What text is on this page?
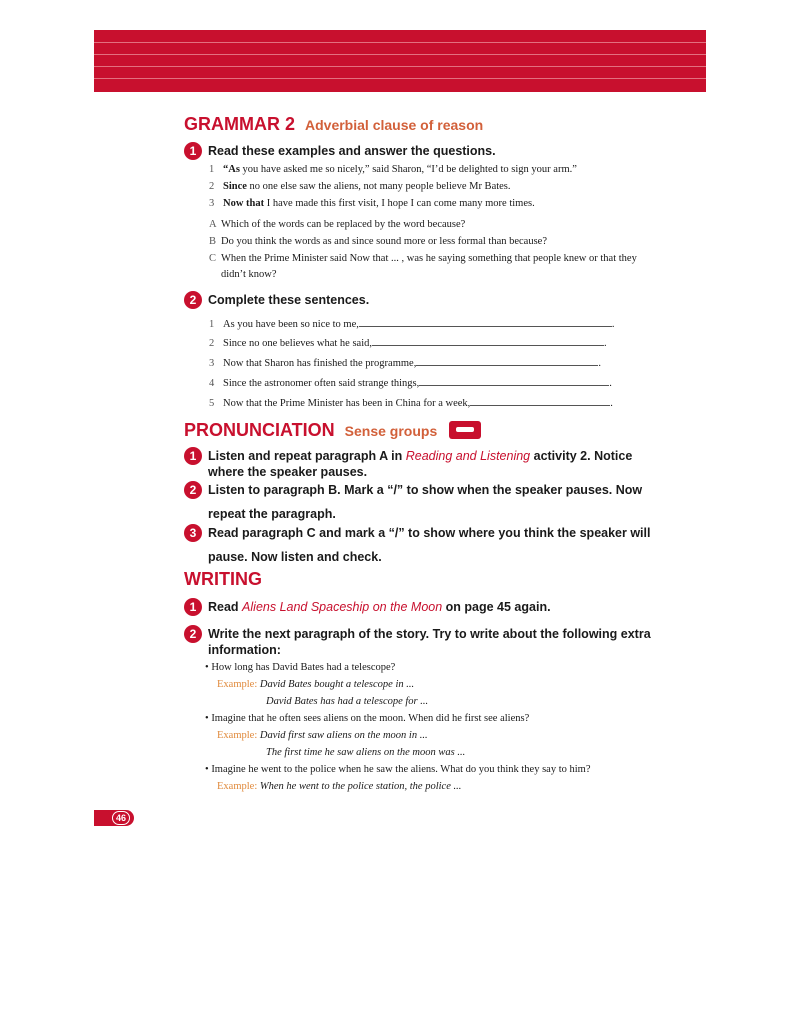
GRAMMAR 2 Adverbial clause of reason
1 Read these examples and answer the questions.
1 “As you have asked me so nicely,” said Sharon, “I’d be delighted to sign your arm.”
2 Since no one else saw the aliens, not many people believe Mr Bates.
3 Now that I have made this first visit, I hope I can come many more times.
A Which of the words can be replaced by the word because?
B Do you think the words as and since sound more or less formal than because?
C When the Prime Minister said Now that ... , was he saying something that people knew or that they didn’t know?
2 Complete these sentences.
1 As you have been so nice to me,	.
2 Since no one believes what he said,	.
3 Now that Sharon has finished the programme,	.
4 Since the astronomer often said strange things,	.
5 Now that the Prime Minister has been in China for a week,	.
PRONUNCIATION Sense groups
1 Listen and repeat paragraph A in Reading and Listening activity 2. Notice where the speaker pauses.
2 Listen to paragraph B. Mark a “/” to show when the speaker pauses. Now repeat the paragraph.
3 Read paragraph C and mark a “/” to show where you think the speaker will pause. Now listen and check.
WRITING
1 Read Aliens Land Spaceship on the Moon on page 45 again.
2 Write the next paragraph of the story. Try to write about the following extra information:
• How long has David Bates had a telescope?
Example: David Bates bought a telescope in ...
David Bates has had a telescope for ...
• Imagine that he often sees aliens on the moon. When did he first see aliens?
Example: David first saw aliens on the moon in ...
The first time he saw aliens on the moon was ...
• Imagine he went to the police when he saw the aliens. What do you think they say to him?
Example: When he went to the police station, the police ...
46
